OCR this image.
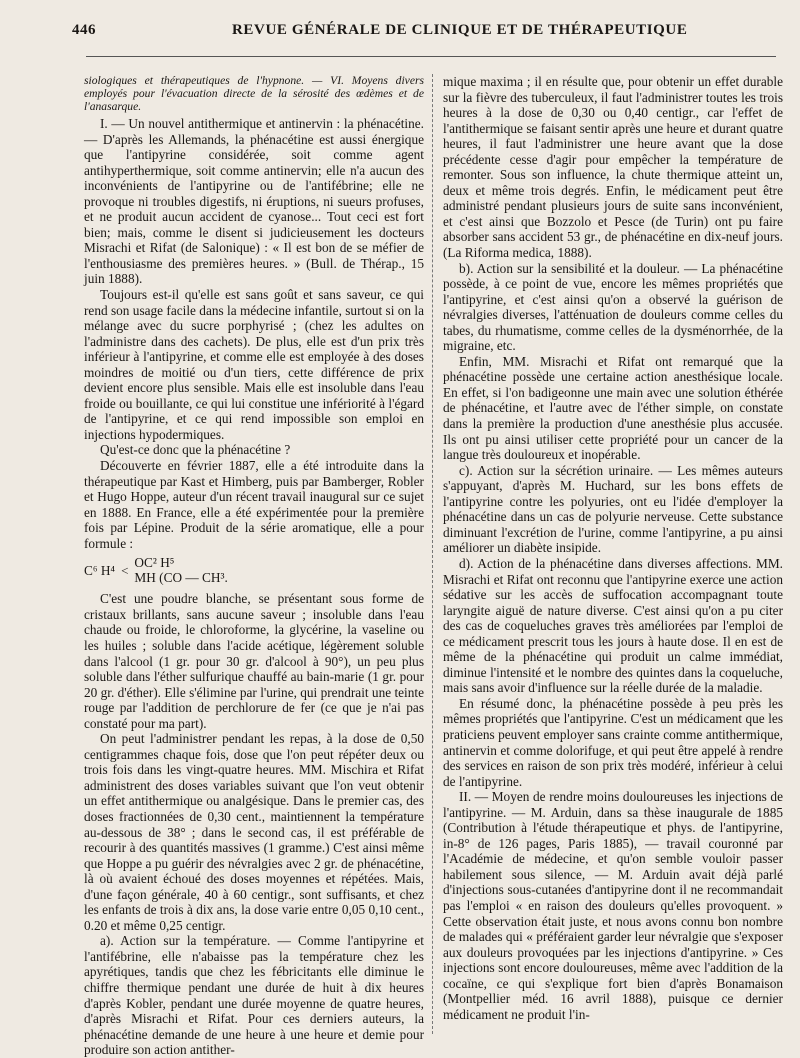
446	REVUE GÉNÉRALE DE CLINIQUE ET DE THÉRAPEUTIQUE

siologiques et thérapeutiques de l'hypnone. — VI. Moyens divers employés pour l'évacuation directe de la sérosité des œdèmes et de l'anasarque.

I. — Un nouvel antithermique et antinervin : la phénacétine. — D'après les Allemands, la phénacétine est aussi énergique que l'antipyrine considérée, soit comme agent antihyperthermique, soit comme antinervin; elle n'a aucun des inconvénients de l'antipyrine ou de l'antifébrine; elle ne provoque ni troubles digestifs, ni éruptions, ni sueurs profuses, et ne produit aucun accident de cyanose... Tout ceci est fort bien; mais, comme le disent si judicieusement les docteurs Misrachi et Rifat (de Salonique) : « Il est bon de se méfier de l'enthousiasme des premières heures. » (Bull. de Thérap., 15 juin 1888).

Toujours est-il qu'elle est sans goût et sans saveur, ce qui rend son usage facile dans la médecine infantile, surtout si on la mélange avec du sucre porphyrisé ; (chez les adultes on l'administre dans des cachets). De plus, elle est d'un prix très inférieur à l'antipyrine, et comme elle est employée à des doses moindres de moitié ou d'un tiers, cette différence de prix devient encore plus sensible. Mais elle est insoluble dans l'eau froide ou bouillante, ce qui lui constitue une infériorité à l'égard de l'antipyrine, et ce qui rend impossible son emploi en injections hypodermiques.

Qu'est-ce donc que la phénacétine ?

Découverte en février 1887, elle a été introduite dans la thérapeutique par Kast et Himberg, puis par Bamberger, Robler et Hugo Hoppe, auteur d'un récent travail inaugural sur ce sujet en 1888. En France, elle a été expérimentée pour la première fois par Lépine. Produit de la série aromatique, elle a pour formule :

C⁶ H⁴ < OC² H⁵
MH (CO — CH³.

C'est une poudre blanche, se présentant sous forme de cristaux brillants, sans aucune saveur ; insoluble dans l'eau chaude ou froide, le chloroforme, la glycérine, la vaseline ou les huiles ; soluble dans l'acide acétique, légèrement soluble dans l'alcool (1 gr. pour 30 gr. d'alcool à 90°), un peu plus soluble dans l'éther sulfurique chauffé au bain-marie (1 gr. pour 20 gr. d'éther). Elle s'élimine par l'urine, qui prendrait une teinte rouge par l'addition de perchlorure de fer (ce que je n'ai pas constaté pour ma part).

On peut l'administrer pendant les repas, à la dose de 0,50 centigrammes chaque fois, dose que l'on peut répéter deux ou trois fois dans les vingt-quatre heures. MM. Mischira et Rifat administrent des doses variables suivant que l'on veut obtenir un effet antithermique ou analgésique. Dans le premier cas, des doses fractionnées de 0,30 cent., maintiennent la température au-dessous de 38° ; dans le second cas, il est préférable de recourir à des quantités massives (1 gramme.) C'est ainsi même que Hoppe a pu guérir des névralgies avec 2 gr. de phénacétine, là où avaient échoué des doses moyennes et répétées. Mais, d'une façon générale, 40 à 60 centigr., sont suffisants, et chez les enfants de trois à dix ans, la dose varie entre 0,05 0,10 cent., 0.20 et même 0,25 centigr.

a). Action sur la température. — Comme l'antipyrine et l'antifébrine, elle n'abaisse pas la température chez les apyrétiques, tandis que chez les fébricitants elle diminue le chiffre thermique pendant une durée de huit à dix heures d'après Kobler, pendant une durée moyenne de quatre heures, d'après Misrachi et Rifat. Pour ces derniers auteurs, la phénacétine demande de une heure à une heure et demie pour produire son action antither-

mique maxima ; il en résulte que, pour obtenir un effet durable sur la fièvre des tuberculeux, il faut l'administrer toutes les trois heures à la dose de 0,30 ou 0,40 centigr., car l'effet de l'antithermique se faisant sentir après une heure et durant quatre heures, il faut l'administrer une heure avant que la dose précédente cesse d'agir pour empêcher la température de remonter. Sous son influence, la chute thermique atteint un, deux et même trois degrés. Enfin, le médicament peut être administré pendant plusieurs jours de suite sans inconvénient, et c'est ainsi que Bozzolo et Pesce (de Turin) ont pu faire absorber sans accident 53 gr., de phénacétine en dix-neuf jours. (La Riforma medica, 1888).

b). Action sur la sensibilité et la douleur. — La phénacétine possède, à ce point de vue, encore les mêmes propriétés que l'antipyrine, et c'est ainsi qu'on a observé la guérison de névralgies diverses, l'atténuation de douleurs comme celles du tabes, du rhumatisme, comme celles de la dysménorrhée, de la migraine, etc.

Enfin, MM. Misrachi et Rifat ont remarqué que la phénacétine possède une certaine action anesthésique locale. En effet, si l'on badigeonne une main avec une solution éthérée de phénacétine, et l'autre avec de l'éther simple, on constate dans la première la production d'une anesthésie plus accusée. Ils ont pu ainsi utiliser cette propriété pour un cancer de la langue très douloureux et inopérable.

c). Action sur la sécrétion urinaire. — Les mêmes auteurs s'appuyant, d'après M. Huchard, sur les bons effets de l'antipyrine contre les polyuries, ont eu l'idée d'employer la phénacétine dans un cas de polyurie nerveuse. Cette substance diminuant l'excrétion de l'urine, comme l'antipyrine, a pu ainsi améliorer un diabète insipide.

d). Action de la phénacétine dans diverses affections. MM. Misrachi et Rifat ont reconnu que l'antipyrine exerce une action sédative sur les accès de suffocation accompagnant toute laryngite aiguë de nature diverse. C'est ainsi qu'on a pu citer des cas de coqueluches graves très améliorées par l'emploi de ce médicament prescrit tous les jours à haute dose. Il en est de même de la phénacétine qui produit un calme immédiat, diminue l'intensité et le nombre des quintes dans la coqueluche, mais sans avoir d'influence sur la réelle durée de la maladie.

En résumé donc, la phénacétine possède à peu près les mêmes propriétés que l'antipyrine. C'est un médicament que les praticiens peuvent employer sans crainte comme antithermique, antinervin et comme dolorifuge, et qui peut être appelé à rendre des services en raison de son prix très modéré, inférieur à celui de l'antipyrine.

II. — Moyen de rendre moins douloureuses les injections de l'antipyrine. — M. Arduin, dans sa thèse inaugurale de 1885 (Contribution à l'étude thérapeutique et phys. de l'antipyrine, in-8° de 126 pages, Paris 1885), — travail couronné par l'Académie de médecine, et qu'on semble vouloir passer habilement sous silence, — M. Arduin avait déjà parlé d'injections sous-cutanées d'antipyrine dont il ne recommandait pas l'emploi « en raison des douleurs qu'elles provoquent. » Cette observation était juste, et nous avons connu bon nombre de malades qui « préféraient garder leur névralgie que s'exposer aux douleurs provoquées par les injections d'antipyrine. » Ces injections sont encore douloureuses, même avec l'addition de la cocaïne, ce qui s'explique fort bien d'après Bonamaison (Montpellier méd. 16 avril 1888), puisque ce dernier médicament ne produit l'in-
